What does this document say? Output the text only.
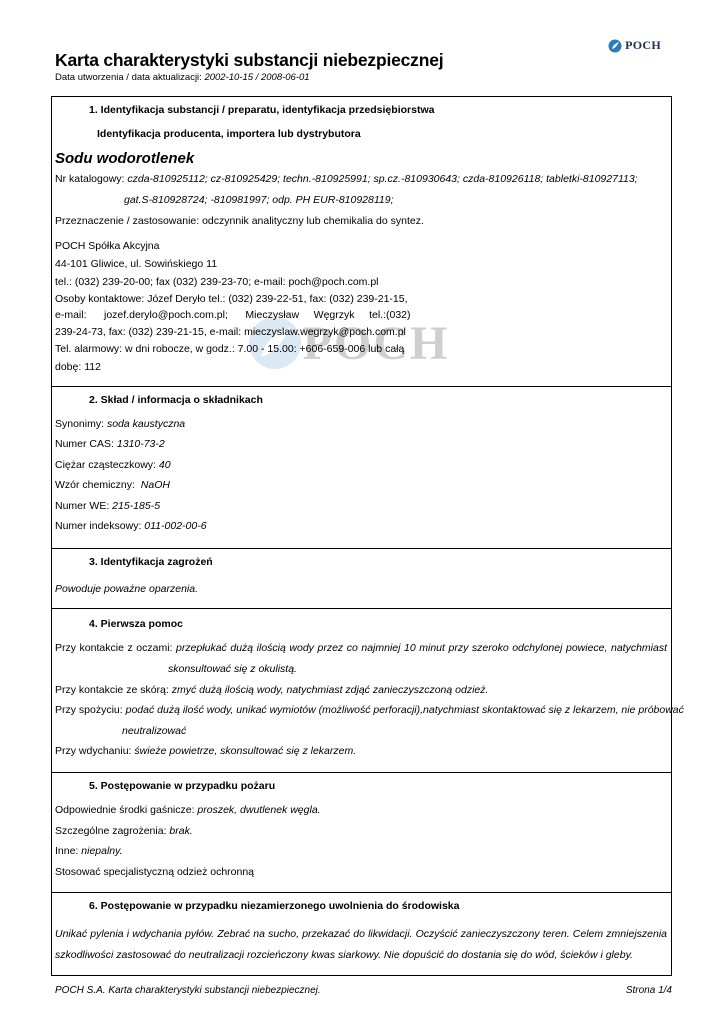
Karta charakterystyki substancji niebezpiecznej
Data utworzenia / data aktualizacji: 2002-10-15 / 2008-06-01
POCH
POCH
1. Identyfikacja substancji / preparatu, identyfikacja przedsiębiorstwa
Identyfikacja producenta, importera lub dystrybutora
Sodu wodorotlenek
Nr katalogowy: czda-810925112; cz-810925429; techn.-810925991; sp.cz.-810930643; czda-810926118; tabletki-810927113;
gat.S-810928724; -810981997; odp. PH EUR-810928119;
Przeznaczenie / zastosowanie: odczynnik analityczny lub chemikalia do syntez.
POCH Spółka Akcyjna
44-101 Gliwice, ul. Sowińskiego 11
tel.: (032) 239-20-00; fax (032) 239-23-70; e-mail: poch@poch.com.pl
Osoby kontaktowe: Józef Deryło tel.: (032) 239-22-51, fax: (032) 239-21-15,
e-mail:      jozef.derylo@poch.com.pl;      Mieczysław     Węgrzyk     tel.:(032)
239-24-73, fax: (032) 239-21-15, e-mail: mieczyslaw.wegrzyk@poch.com.pl
Tel. alarmowy: w dni robocze, w godz.: 7.00 - 15.00: +606-659-006 lub całą
dobę: 112
2. Skład / informacja o składnikach
Synonimy: soda kaustyczna
Numer CAS: 1310-73-2
Ciężar cząsteczkowy: 40
Wzór chemiczny:  NaOH
Numer WE: 215-185-5
Numer indeksowy: 011-002-00-6
3. Identyfikacja zagrożeń
Powoduje poważne oparzenia.
4. Pierwsza pomoc
Przy kontakcie z oczami: przepłukać dużą ilością wody przez co najmniej 10 minut przy szeroko odchylonej powiece, natychmiast
skonsultować się z okulistą.
Przy kontakcie ze skórą: zmyć dużą ilością wody, natychmiast zdjąć zanieczyszczoną odzież.
Przy spożyciu: podać dużą ilość wody, unikać wymiotów (możliwość perforacji),natychmiast skontaktować się z lekarzem, nie próbować
neutralizować
Przy wdychaniu: świeże powietrze, skonsultować się z lekarzem.
5. Postępowanie w przypadku pożaru
Odpowiednie środki gaśnicze: proszek, dwutlenek węgla.
Szczególne zagrożenia: brak.
Inne: niepalny.
Stosować specjalistyczną odzież ochronną
6. Postępowanie w przypadku niezamierzonego uwolnienia do środowiska
Unikać pylenia i wdychania pyłów. Zebrać na sucho, przekazać do likwidacji. Oczyścić zanieczyszczony teren. Celem zmniejszenia
szkodliwości zastosować do neutralizacji rozcieńczony kwas siarkowy. Nie dopuścić do dostania się do wód, ścieków i gleby.
POCH S.A. Karta charakterystyki substancji niebezpiecznej.	Strona 1/4
